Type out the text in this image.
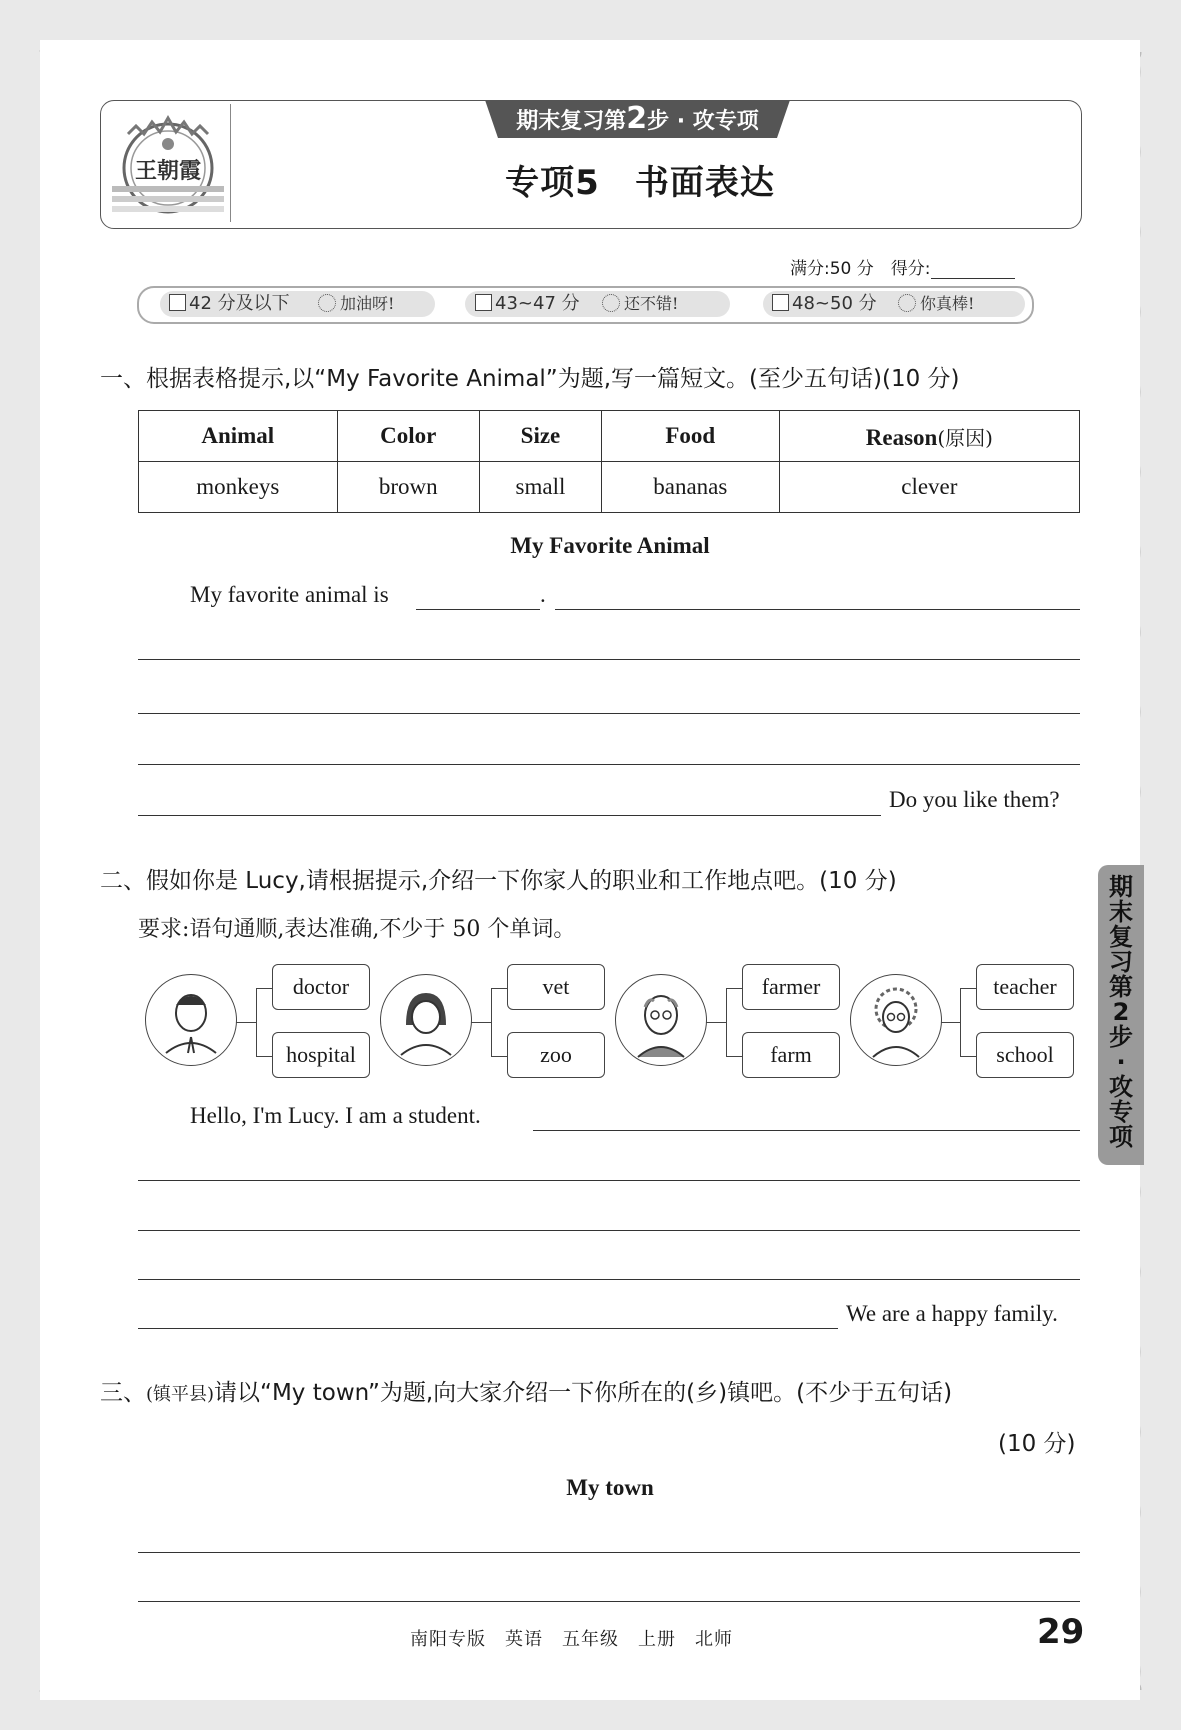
王朝霞
期末复习第2步 · 攻专项
专项5　书面表达
满分:50 分　得分:
42 分及以下	加油呀!	43~47 分	还不错!	48~50 分	你真棒!
一、根据表格提示,以“My Favorite Animal”为题,写一篇短文。(至少五句话)(10 分)
Animal	Color	Size	Food	Reason(原因)
monkeys	brown	small	bananas	clever
My Favorite Animal
My favorite animal is	.
Do you like them?
二、假如你是 Lucy,请根据提示,介绍一下你家人的职业和工作地点吧。(10 分)
要求:语句通顺,表达准确,不少于 50 个单词。
doctor
hospital
vet
zoo
farmer
farm
teacher
school
Hello, I'm Lucy. I am a student.
We are a happy family.
三、(镇平县)请以“My town”为题,向大家介绍一下你所在的(乡)镇吧。(不少于五句话)
(10 分)
My town
期
末
复
习
第
2
步
·
攻
专
项
南阳专版　英语　五年级　上册　北师	29
